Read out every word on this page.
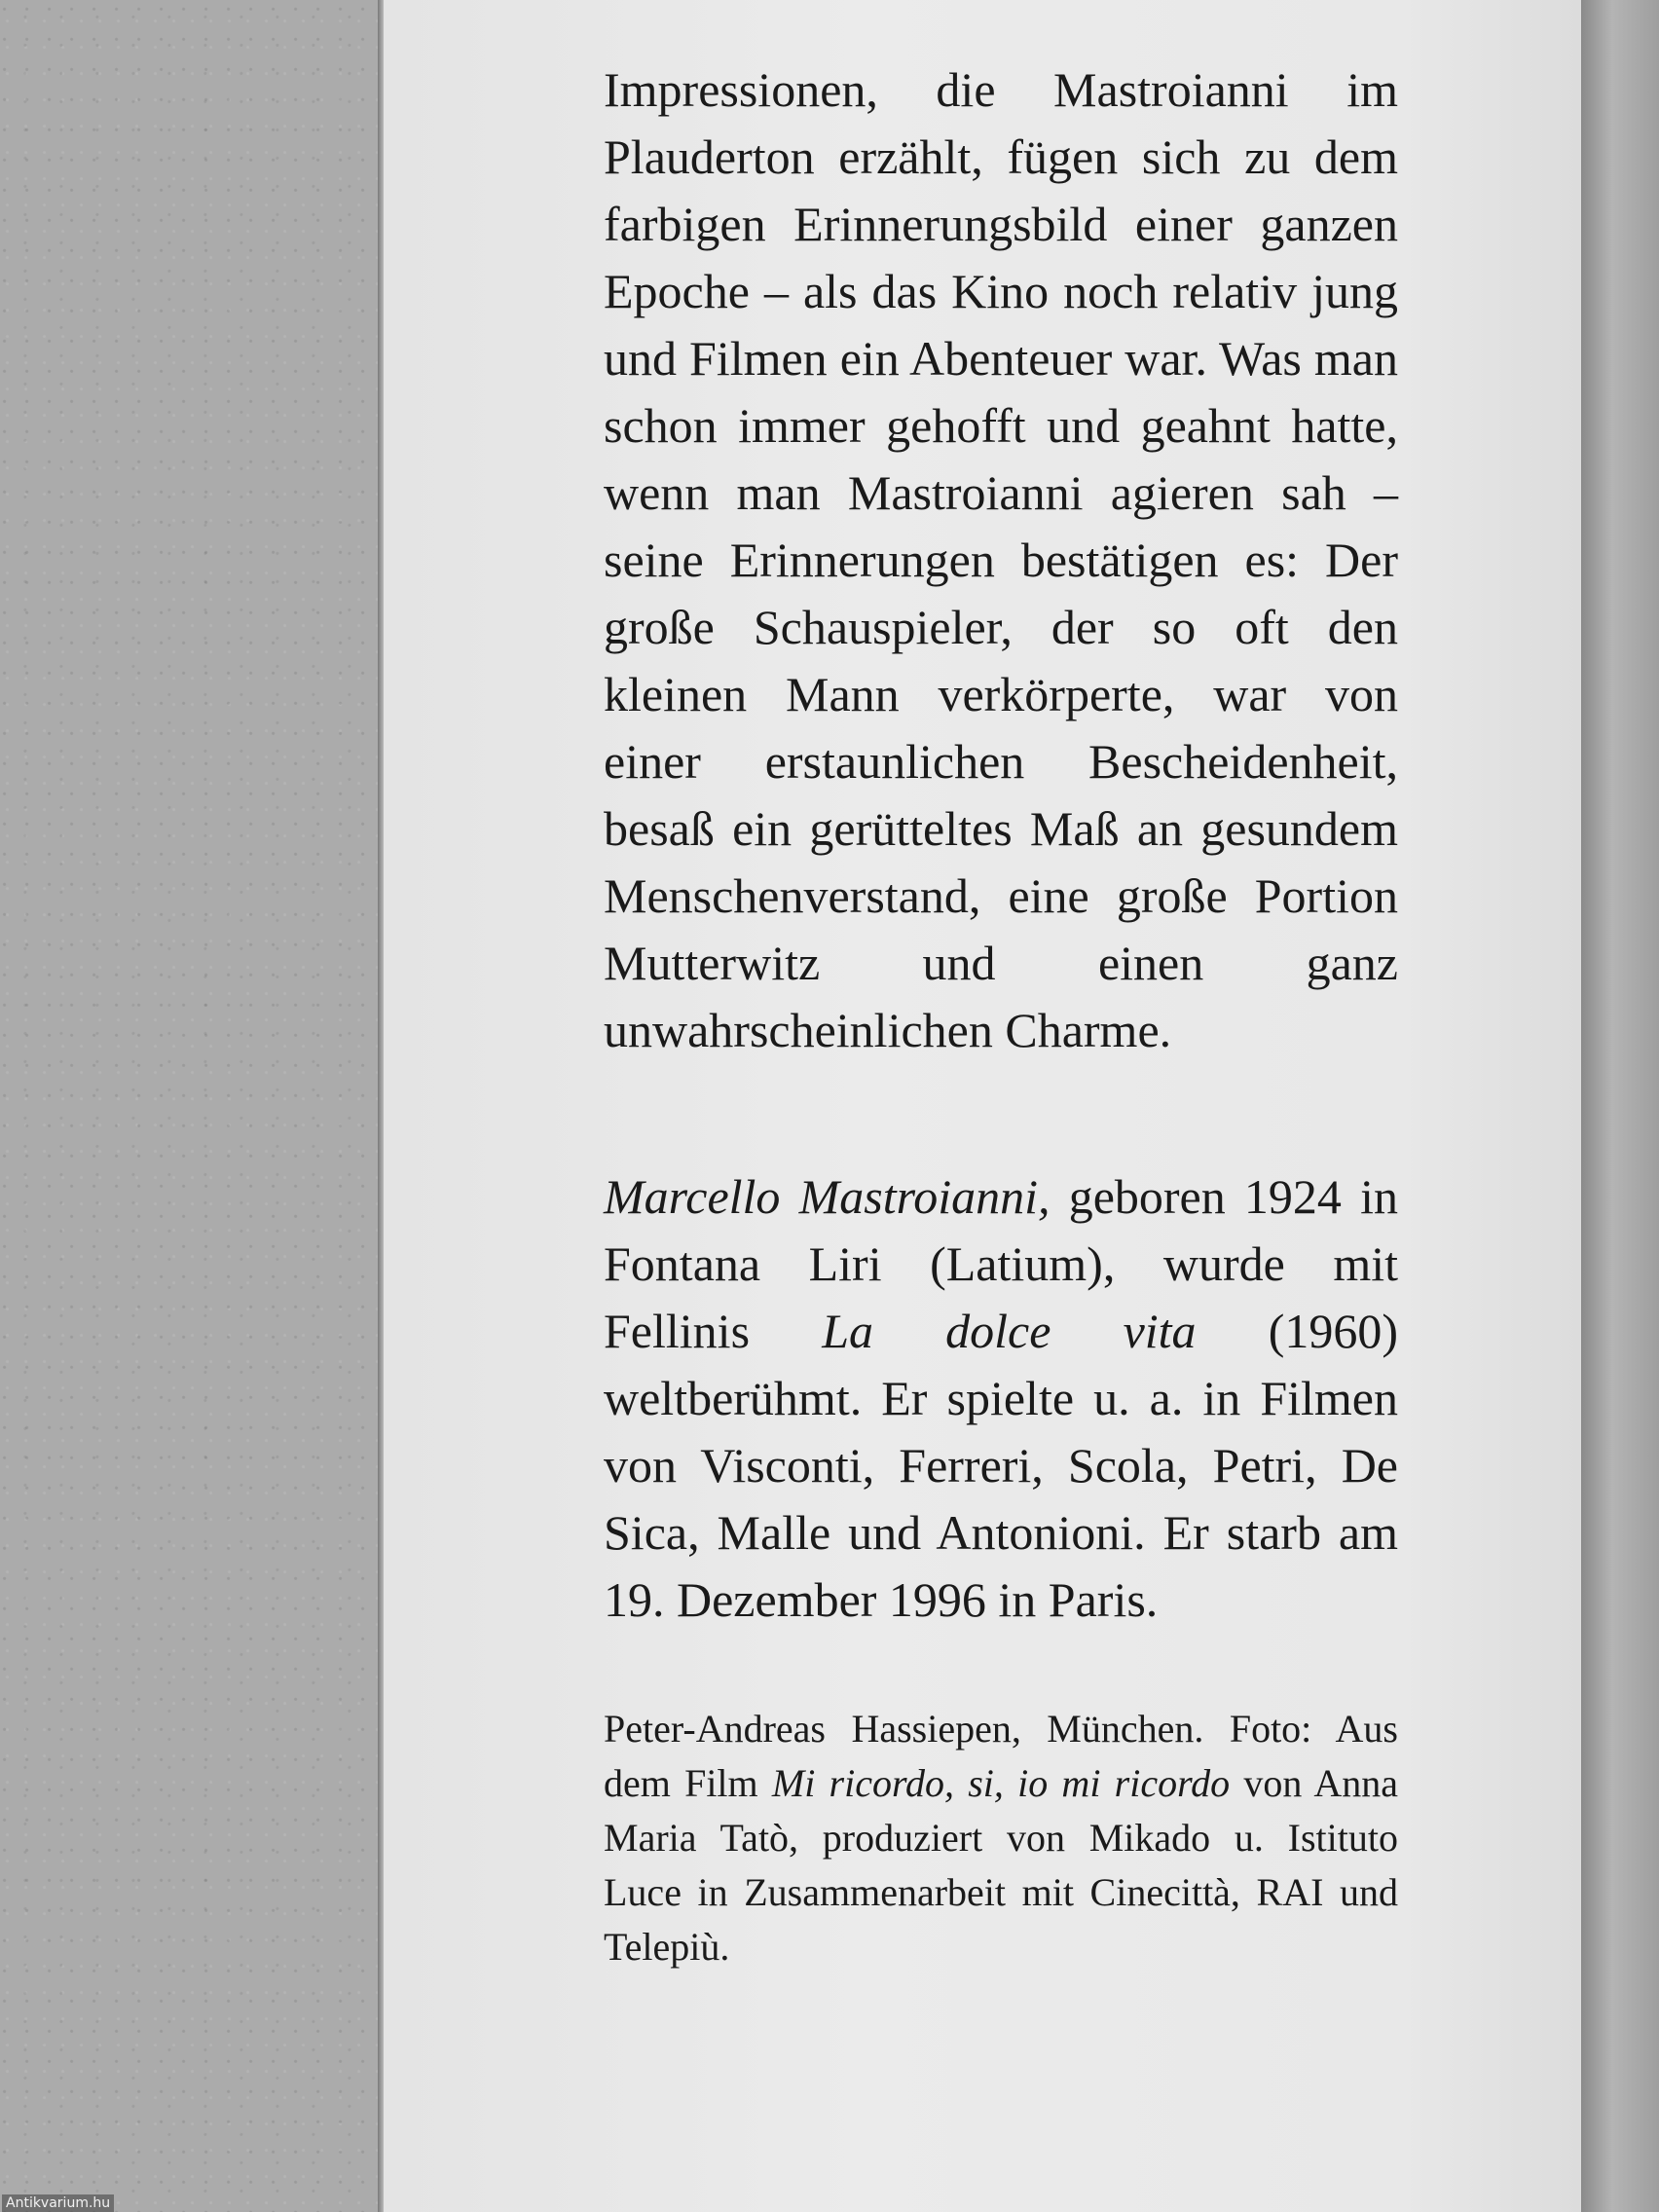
Impressionen, die Mastroianni im Plauderton erzählt, fügen sich zu dem farbigen Erinnerungsbild einer ganzen Epoche – als das Kino noch relativ jung und Filmen ein Abenteuer war. Was man schon immer gehofft und geahnt hatte, wenn man Mastroianni agieren sah – seine Erinnerungen bestätigen es: Der große Schauspieler, der so oft den kleinen Mann verkörperte, war von einer erstaunlichen Bescheidenheit, besaß ein gerütteltes Maß an gesundem Menschenverstand, eine große Portion Mutterwitz und einen ganz unwahrscheinlichen Charme.

Marcello Mastroianni, geboren 1924 in Fontana Liri (Latium), wurde mit Fellinis La dolce vita (1960) weltberühmt. Er spielte u. a. in Filmen von Visconti, Ferreri, Scola, Petri, De Sica, Malle und Antonioni. Er starb am 19. Dezember 1996 in Paris.

Peter-Andreas Hassiepen, München. Foto: Aus dem Film Mi ricordo, si, io mi ricordo von Anna Maria Tatò, produziert von Mikado u. Istituto Luce in Zusammenarbeit mit Cinecittà, RAI und Telepiù.

Antikvarium.hu
